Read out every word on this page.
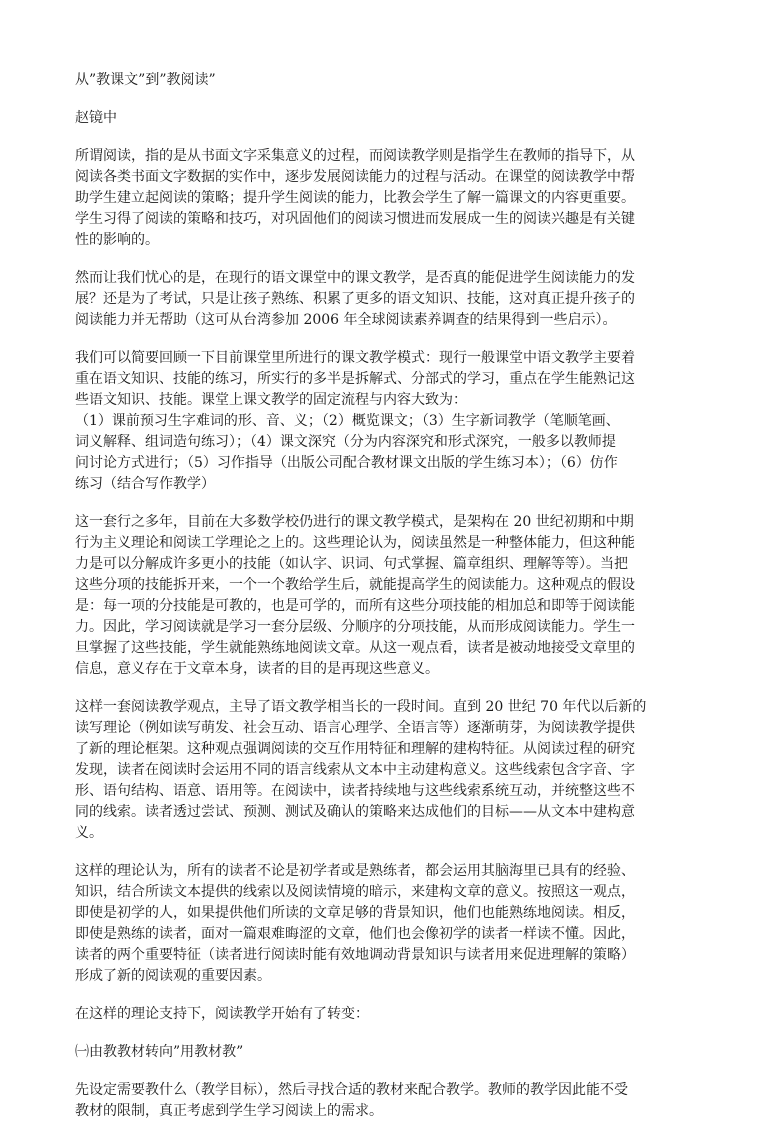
从”教课文”到”教阅读”
赵镜中
所谓阅读，指的是从书面文字采集意义的过程，而阅读教学则是指学生在教师的指导下，从
阅读各类书面文字数据的实作中，逐步发展阅读能力的过程与活动。在课堂的阅读教学中帮
助学生建立起阅读的策略；提升学生阅读的能力，比教会学生了解一篇课文的内容更重要。
学生习得了阅读的策略和技巧，对巩固他们的阅读习惯进而发展成一生的阅读兴趣是有关键
性的影响的。
然而让我们忧心的是，在现行的语文课堂中的课文教学，是否真的能促进学生阅读能力的发
展？还是为了考试，只是让孩子熟练、积累了更多的语文知识、技能，这对真正提升孩子的
阅读能力并无帮助（这可从台湾参加 2006 年全球阅读素养调查的结果得到一些启示）。
我们可以简要回顾一下目前课堂里所进行的课文教学模式：现行一般课堂中语文教学主要着
重在语文知识、技能的练习，所实行的多半是拆解式、分部式的学习，重点在学生能熟记这
些语文知识、技能。课堂上课文教学的固定流程与内容大致为：
（1）课前预习生字难词的形、音、义；（2）概览课文；（3）生字新词教学（笔顺笔画、
词义解释、组词造句练习）；（4）课文深究（分为内容深究和形式深究，一般多以教师提
问讨论方式进行；（5）习作指导（出版公司配合教材课文出版的学生练习本）；（6）仿作
练习（结合写作教学）
这一套行之多年，目前在大多数学校仍进行的课文教学模式，是架构在 20 世纪初期和中期
行为主义理论和阅读工学理论之上的。这些理论认为，阅读虽然是一种整体能力，但这种能
力是可以分解成许多更小的技能（如认字、识词、句式掌握、篇章组织、理解等等）。当把
这些分项的技能拆开来，一个一个教给学生后，就能提高学生的阅读能力。这种观点的假设
是：每一项的分技能是可教的，也是可学的，而所有这些分项技能的相加总和即等于阅读能
力。因此，学习阅读就是学习一套分层级、分顺序的分项技能，从而形成阅读能力。学生一
旦掌握了这些技能，学生就能熟练地阅读文章。从这一观点看，读者是被动地接受文章里的
信息，意义存在于文章本身，读者的目的是再现这些意义。
这样一套阅读教学观点，主导了语文教学相当长的一段时间。直到 20 世纪 70 年代以后新的
读写理论（例如读写萌发、社会互动、语言心理学、全语言等）逐渐萌芽，为阅读教学提供
了新的理论框架。这种观点强调阅读的交互作用特征和理解的建构特征。从阅读过程的研究
发现，读者在阅读时会运用不同的语言线索从文本中主动建构意义。这些线索包含字音、字
形、语句结构、语意、语用等。在阅读中，读者持续地与这些线索系统互动，并统整这些不
同的线索。读者透过尝试、预测、测试及确认的策略来达成他们的目标——从文本中建构意
义。
这样的理论认为，所有的读者不论是初学者或是熟练者，都会运用其脑海里已具有的经验、
知识，结合所读文本提供的线索以及阅读情境的暗示，来建构文章的意义。按照这一观点，
即使是初学的人，如果提供他们所读的文章足够的背景知识，他们也能熟练地阅读。相反，
即使是熟练的读者，面对一篇艰难晦涩的文章，他们也会像初学的读者一样读不懂。因此，
读者的两个重要特征（读者进行阅读时能有效地调动背景知识与读者用来促进理解的策略）
形成了新的阅读观的重要因素。
在这样的理论支持下，阅读教学开始有了转变：
㈠由教教材转向”用教材教”
先设定需要教什么（教学目标），然后寻找合适的教材来配合教学。教师的教学因此能不受
教材的限制，真正考虑到学生学习阅读上的需求。
